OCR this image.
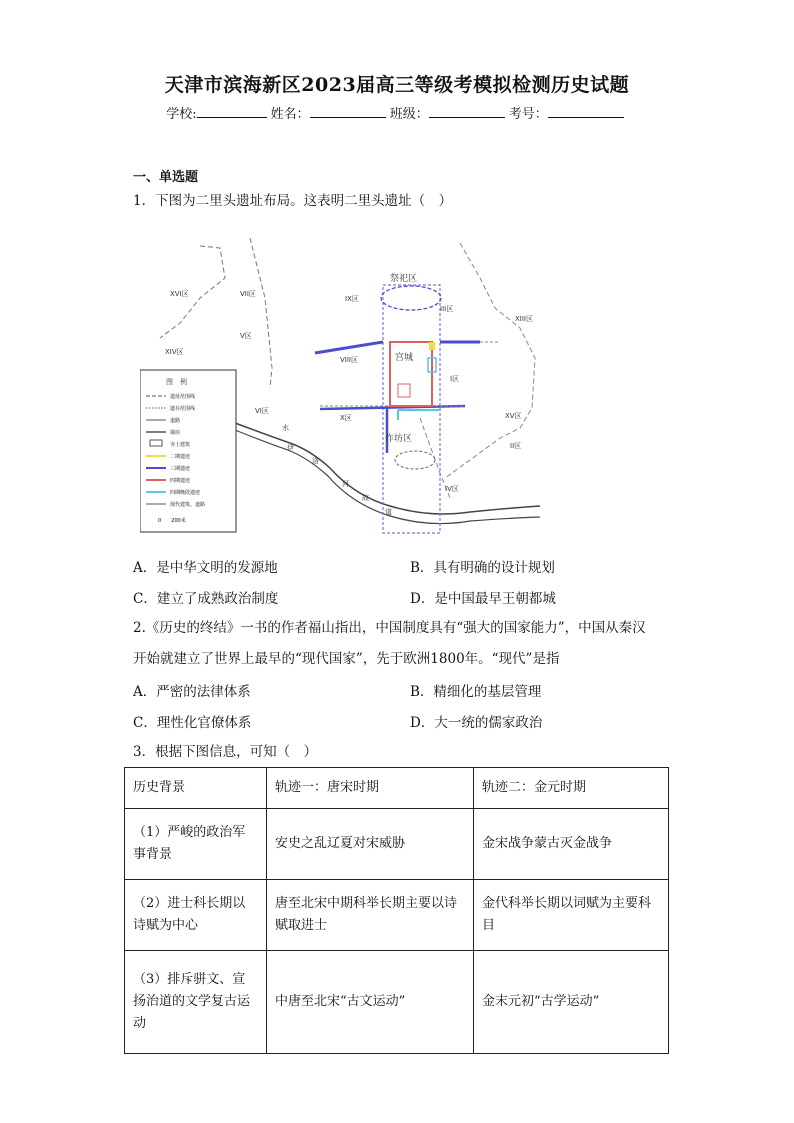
天津市滨海新区2023届高三等级考模拟检测历史试题
学校:	姓名：	班级：	考号：
一、单选题
1．下图为二里头遗址布局。这表明二里头遗址（　）
祭祀区
宫城
作坊区
XVI区	VII区
IX区
XIII区
XIV区
VIII区
III区
I区
XV区
II区
IV区
V区
X区
VI区
水
伊
洛
河
故
道
图　例
遗址范围线
遗存范围线
道路
墙垣
夯土建筑
二期遗迹
三期遗迹
四期遗迹
四期晚段遗迹
现代建筑、道路
0　　200米
A．是中华文明的发源地	B．具有明确的设计规划
C．建立了成熟政治制度	D．是中国最早王朝都城
2.《历史的终结》一书的作者福山指出，中国制度具有“强大的国家能力”，中国从秦汉
开始就建立了世界上最早的“现代国家”，先于欧洲1800年。“现代”是指
A．严密的法律体系	B．精细化的基层管理
C．理性化官僚体系	D．大一统的儒家政治
3．根据下图信息，可知（　）
历史背景	轨迹一：唐宋时期	轨迹二：金元时期
（1）严峻的政治军事背景	安史之乱辽夏对宋威胁	金宋战争蒙古灭金战争
（2）进士科长期以诗赋为中心	唐至北宋中期科举长期主要以诗赋取进士	金代科举长期以词赋为主要科目
（3）排斥骈文、宣扬治道的文学复古运动	中唐至北宋“古文运动”	金末元初“古学运动”
